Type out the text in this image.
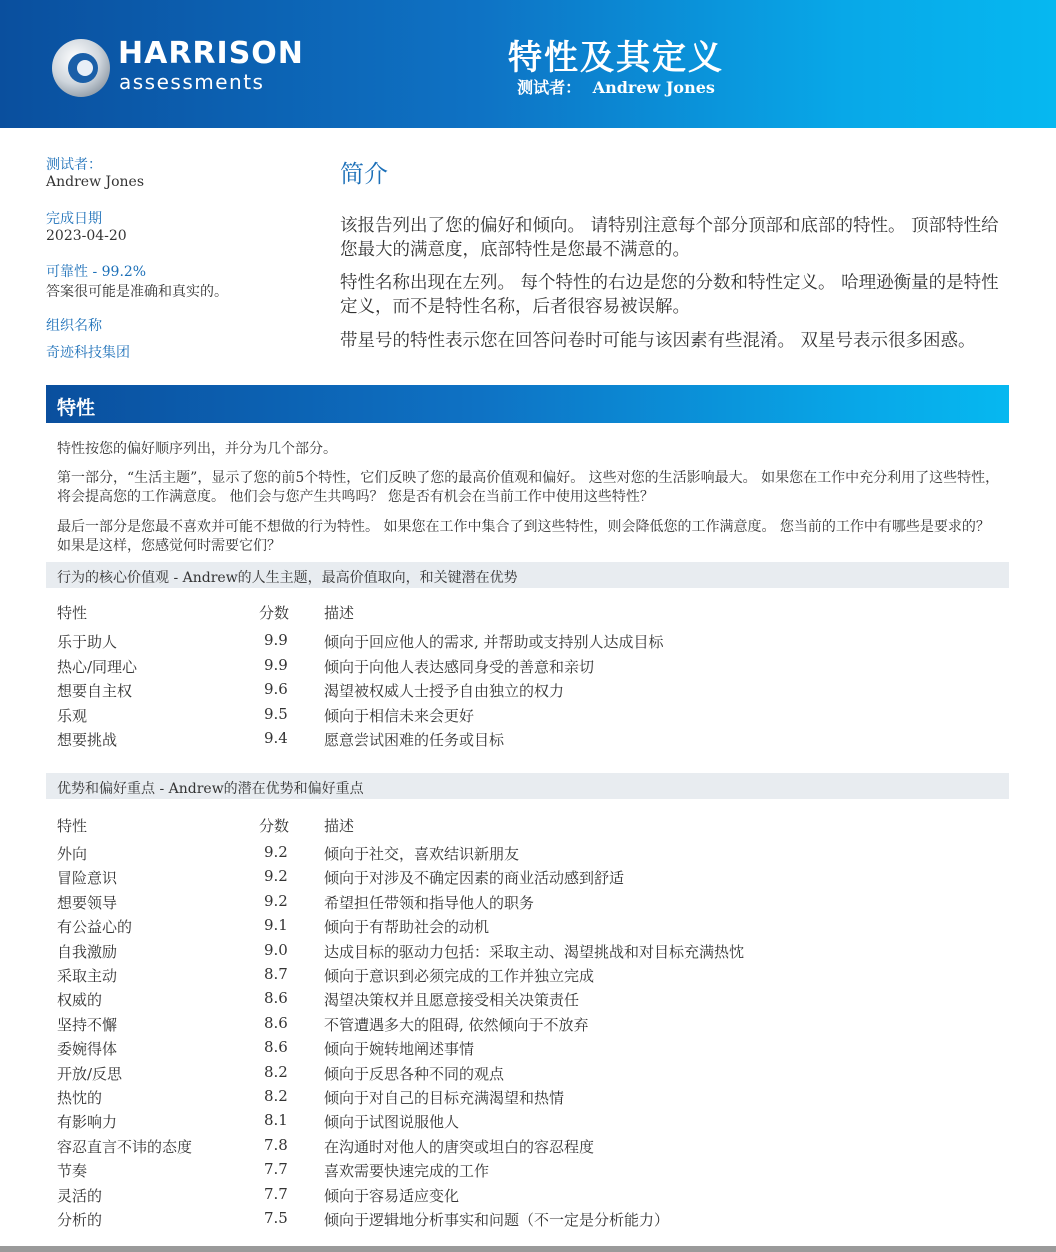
HARRISON
assessments
特性及其定义
测试者： Andrew Jones
测试者：
Andrew Jones
完成日期
2023-04-20
可靠性 - 99.2%
答案很可能是准确和真实的。
组织名称
奇迹科技集团
简介
该报告列出了您的偏好和倾向。 请特别注意每个部分顶部和底部的特性。 顶部特性给您最大的满意度，底部特性是您最不满意的。
特性名称出现在左列。 每个特性的右边是您的分数和特性定义。 哈理逊衡量的是特性定义，而不是特性名称，后者很容易被误解。
带星号的特性表示您在回答问卷时可能与该因素有些混淆。 双星号表示很多困惑。
特性
特性按您的偏好顺序列出，并分为几个部分。
第一部分，“生活主题”，显示了您的前5个特性，它们反映了您的最高价值观和偏好。 这些对您的生活影响最大。 如果您在工作中充分利用了这些特性，将会提高您的工作满意度。 他们会与您产生共鸣吗？ 您是否有机会在当前工作中使用这些特性？
最后一部分是您最不喜欢并可能不想做的行为特性。 如果您在工作中集合了到这些特性，则会降低您的工作满意度。 您当前的工作中有哪些是要求的？ 如果是这样，您感觉何时需要它们？
行为的核心价值观 - Andrew的人生主题，最高价值取向，和关键潜在优势
特性	分数 描述
乐于助人	9.9 倾向于回应他人的需求, 并帮助或支持别人达成目标
热心/同理心	9.9 倾向于向他人表达感同身受的善意和亲切
想要自主权	9.6 渴望被权威人士授予自由独立的权力
乐观	9.5 倾向于相信未来会更好
想要挑战	9.4 愿意尝试困难的任务或目标
优势和偏好重点 - Andrew的潜在优势和偏好重点
特性	分数 描述
外向	9.2 倾向于社交，喜欢结识新朋友
冒险意识	9.2 倾向于对涉及不确定因素的商业活动感到舒适
想要领导	9.2 希望担任带领和指导他人的职务
有公益心的	9.1 倾向于有帮助社会的动机
自我激励	9.0 达成目标的驱动力包括：采取主动、渴望挑战和对目标充满热忱
采取主动	8.7 倾向于意识到必须完成的工作并独立完成
权威的	8.6 渴望决策权并且愿意接受相关决策责任
坚持不懈	8.6 不管遭遇多大的阻碍, 依然倾向于不放弃
委婉得体	8.6 倾向于婉转地阐述事情
开放/反思	8.2 倾向于反思各种不同的观点
热忱的	8.2 倾向于对自己的目标充满渴望和热情
有影响力	8.1 倾向于试图说服他人
容忍直言不讳的态度	7.8 在沟通时对他人的唐突或坦白的容忍程度
节奏	7.7 喜欢需要快速完成的工作
灵活的	7.7 倾向于容易适应变化
分析的	7.5 倾向于逻辑地分析事实和问题（不一定是分析能力）
